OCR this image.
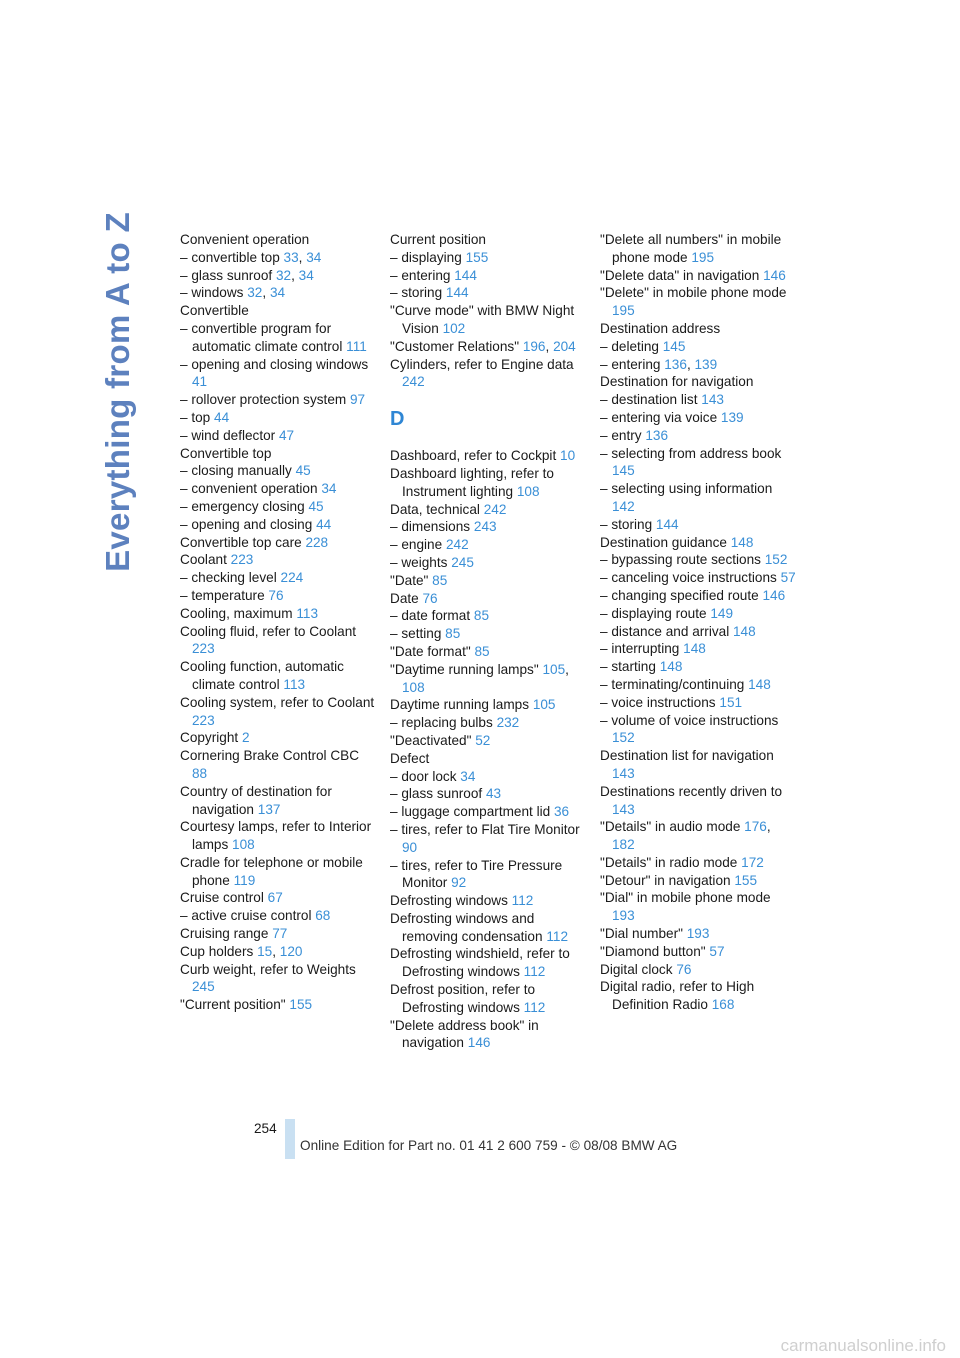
Everything from A to Z	Convenient operation
– convertible top 33, 34
– glass sunroof 32, 34
– windows 32, 34
Convertible
– convertible program for automatic climate control 111
– opening and closing windows 41
– rollover protection system 97
– top 44
– wind deflector 47
Convertible top
– closing manually 45
– convenient operation 34
– emergency closing 45
– opening and closing 44
Convertible top care 228
Coolant 223
– checking level 224
– temperature 76
Cooling, maximum 113
Cooling fluid, refer to Coolant 223
Cooling function, automatic climate control 113
Cooling system, refer to Coolant 223
Copyright 2
Cornering Brake Control CBC 88
Country of destination for navigation 137
Courtesy lamps, refer to Interior lamps 108
Cradle for telephone or mobile phone 119
Cruise control 67
– active cruise control 68
Cruising range 77
Cup holders 15, 120
Curb weight, refer to Weights 245
"Current position" 155
Current position
– displaying 155
– entering 144
– storing 144
"Curve mode" with BMW Night Vision 102
"Customer Relations" 196, 204
Cylinders, refer to Engine data 242
D
Dashboard, refer to Cockpit 10
Dashboard lighting, refer to Instrument lighting 108
Data, technical 242
– dimensions 243
– engine 242
– weights 245
"Date" 85
Date 76
– date format 85
– setting 85
"Date format" 85
"Daytime running lamps" 105, 108
Daytime running lamps 105
– replacing bulbs 232
"Deactivated" 52
Defect
– door lock 34
– glass sunroof 43
– luggage compartment lid 36
– tires, refer to Flat Tire Monitor 90
– tires, refer to Tire Pressure Monitor 92
Defrosting windows 112
Defrosting windows and removing condensation 112
Defrosting windshield, refer to Defrosting windows 112
Defrost position, refer to Defrosting windows 112
"Delete address book" in navigation 146
"Delete all numbers" in mobile phone mode 195
"Delete data" in navigation 146
"Delete" in mobile phone mode 195
Destination address
– deleting 145
– entering 136, 139
Destination for navigation
– destination list 143
– entering via voice 139
– entry 136
– selecting from address book 145
– selecting using information 142
– storing 144
Destination guidance 148
– bypassing route sections 152
– canceling voice instructions 57
– changing specified route 146
– displaying route 149
– distance and arrival 148
– interrupting 148
– starting 148
– terminating/continuing 148
– voice instructions 151
– volume of voice instructions 152
Destination list for navigation 143
Destinations recently driven to 143
"Details" in audio mode 176, 182
"Details" in radio mode 172
"Detour" in navigation 155
"Dial" in mobile phone mode 193
"Dial number" 193
"Diamond button" 57
Digital clock 76
Digital radio, refer to High Definition Radio 168
254
Online Edition for Part no. 01 41 2 600 759 - © 08/08 BMW AG
carmanualsonline.info
